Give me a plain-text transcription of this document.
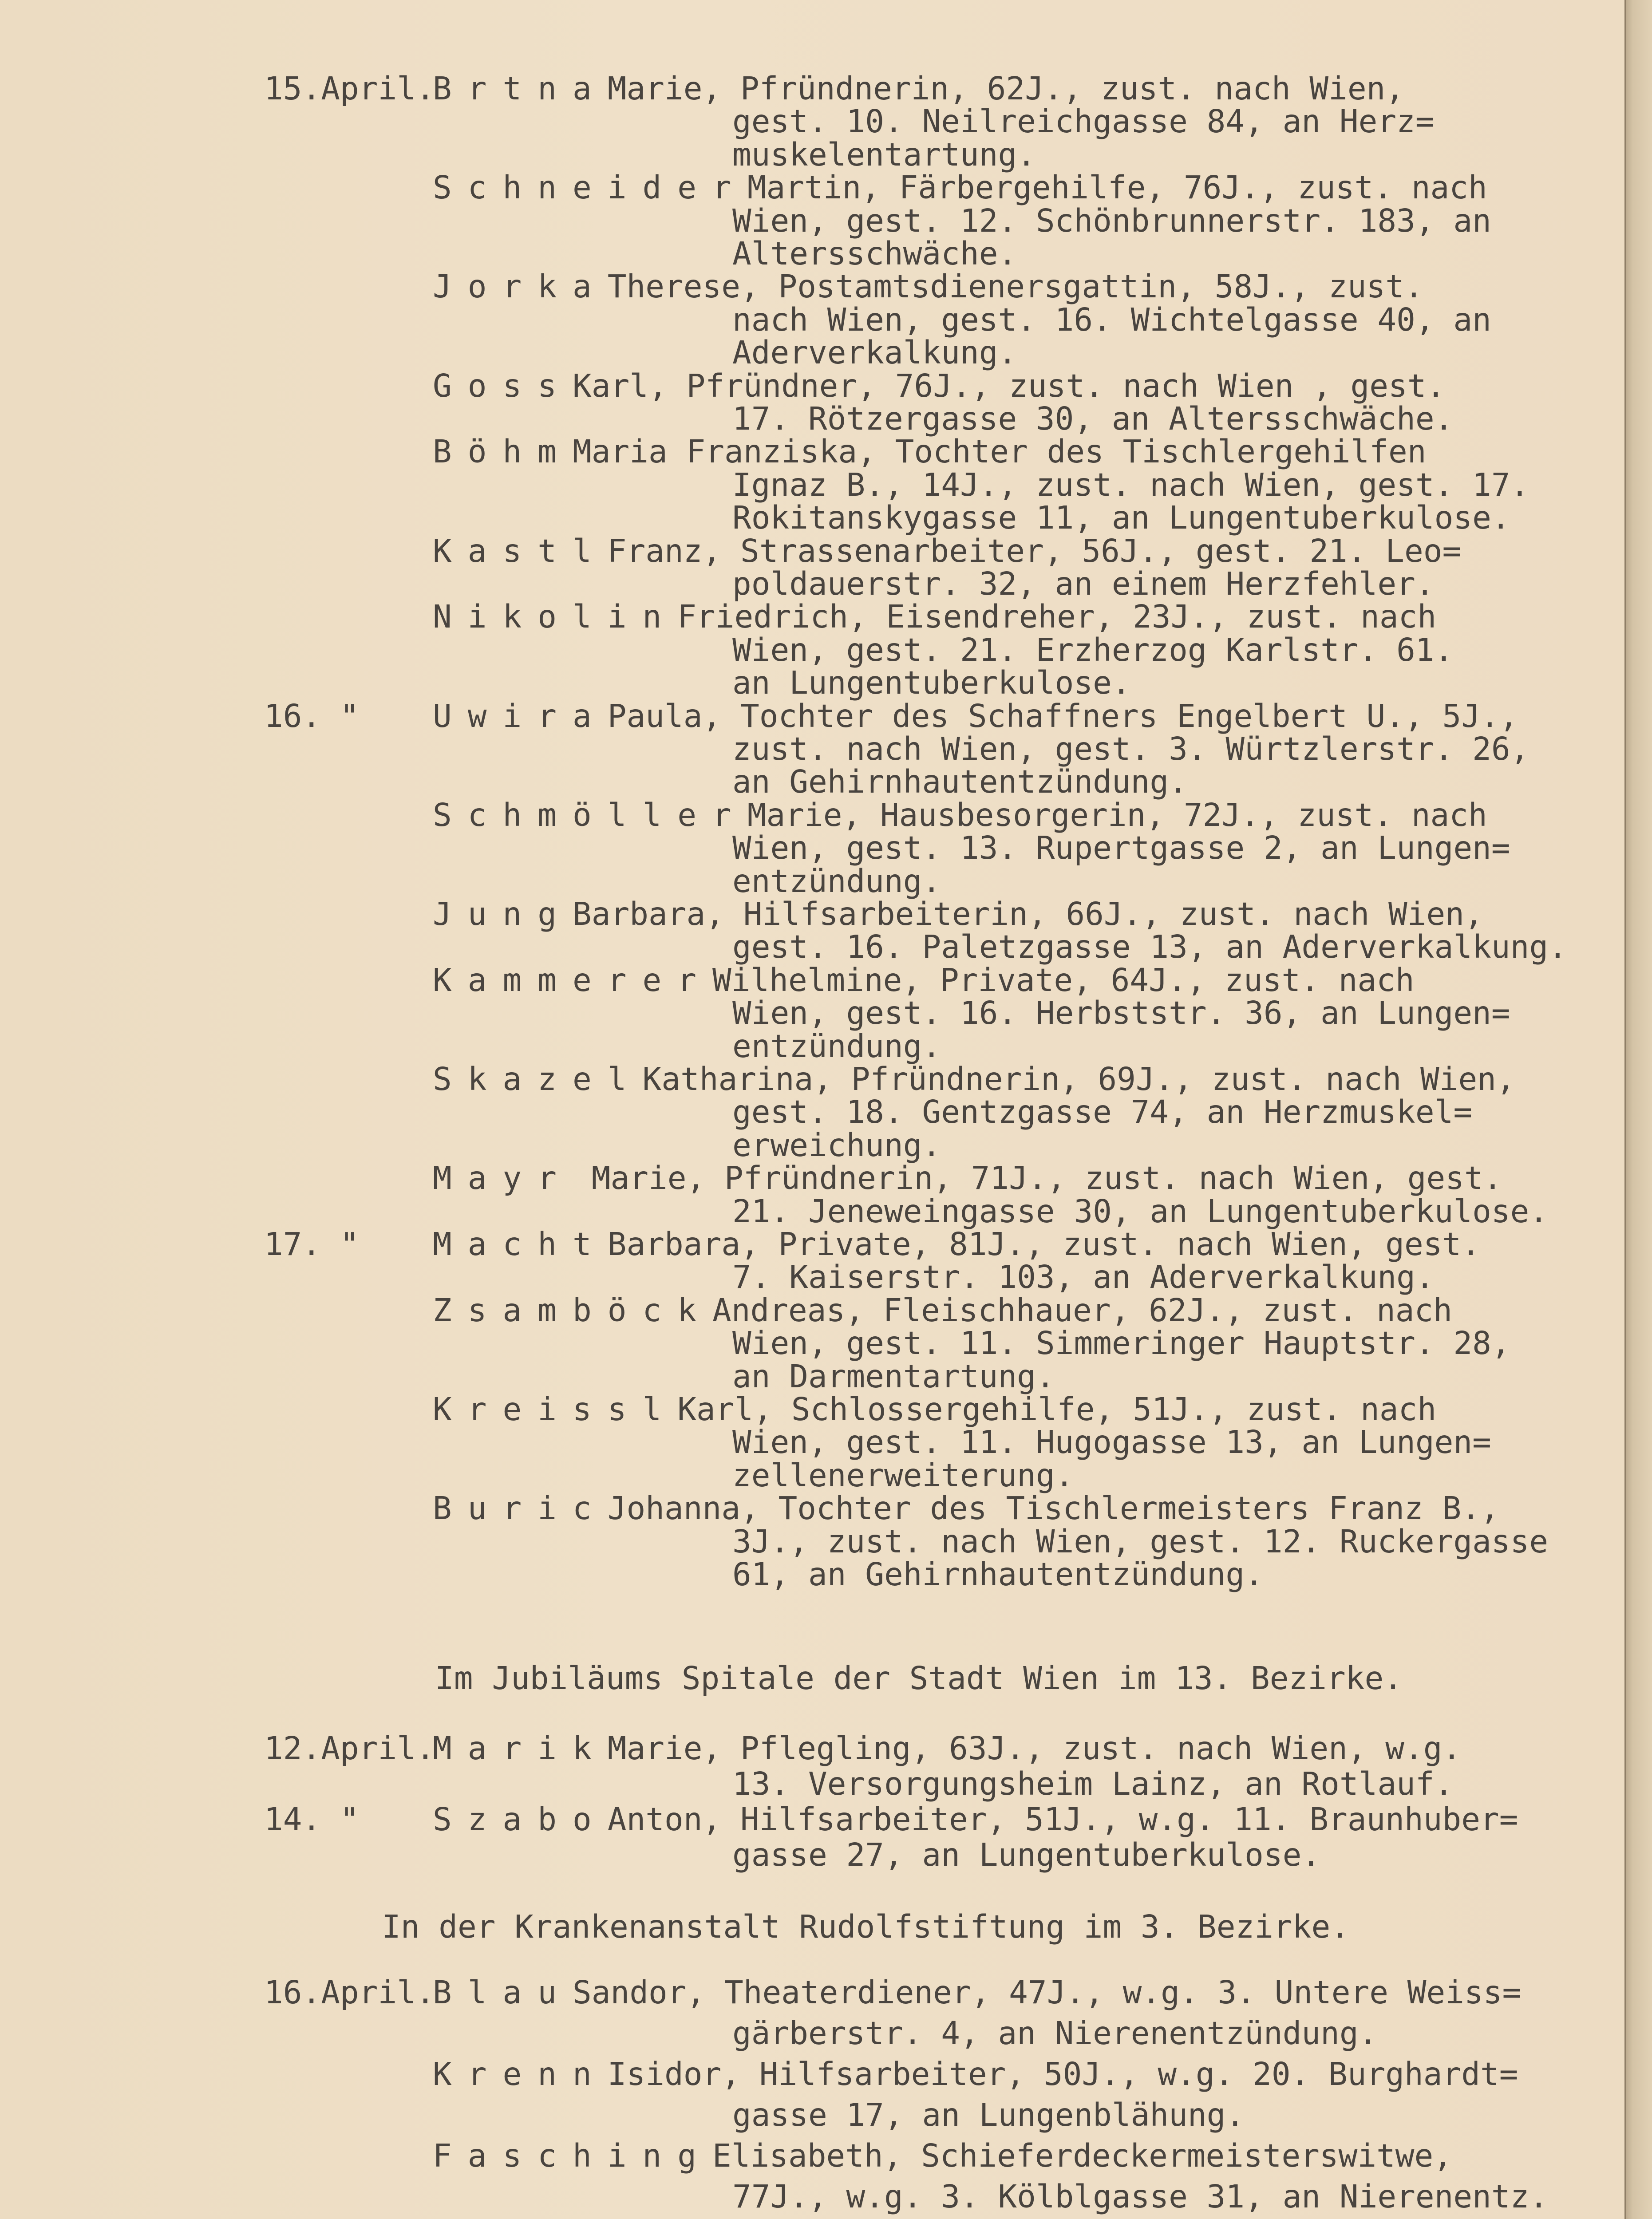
15.April.
BrtnaMarie, Pfründnerin, 62J., zust. nach Wien,
gest. 10. Neilreichgasse 84, an Herz=
muskelentartung.
SchneiderMartin, Färbergehilfe, 76J., zust. nach
Wien, gest. 12. Schönbrunnerstr. 183, an
Altersschwäche.
JorkaTherese, Postamtsdienersgattin, 58J., zust.
nach Wien, gest. 16. Wichtelgasse 40, an
Aderverkalkung.
GossKarl, Pfründner, 76J., zust. nach Wien , gest.
17. Rötzergasse 30, an Altersschwäche.
BöhmMaria Franziska, Tochter des Tischlergehilfen
Ignaz B., 14J., zust. nach Wien, gest. 17.
Rokitanskygasse 11, an Lungentuberkulose.
KastlFranz, Strassenarbeiter, 56J., gest. 21. Leo=
poldauerstr. 32, an einem Herzfehler.
NikolinFriedrich, Eisendreher, 23J., zust. nach
Wien, gest. 21. Erzherzog Karlstr. 61.
an Lungentuberkulose.
16. " UwiraPaula, Tochter des Schaffners Engelbert U., 5J.,
zust. nach Wien, gest. 3. Würtzlerstr. 26,
an Gehirnhautentzündung.
SchmöllerMarie, Hausbesorgerin, 72J., zust. nach
Wien, gest. 13. Rupertgasse 2, an Lungen=
entzündung.
JungBarbara, Hilfsarbeiterin, 66J., zust. nach Wien,
gest. 16. Paletzgasse 13, an Aderverkalkung.
KammererWilhelmine, Private, 64J., zust. nach
Wien, gest. 16. Herbststr. 36, an Lungen=
entzündung.
SkazelKatharina, Pfründnerin, 69J., zust. nach Wien,
gest. 18. Gentzgasse 74, an Herzmuskel=
erweichung.
Mayr Marie, Pfründnerin, 71J., zust. nach Wien, gest.
21. Jeneweingasse 30, an Lungentuberkulose.
17. " MachtBarbara, Private, 81J., zust. nach Wien, gest.
7. Kaiserstr. 103, an Aderverkalkung.
ZsamböckAndreas, Fleischhauer, 62J., zust. nach
Wien, gest. 11. Simmeringer Hauptstr. 28,
an Darmentartung.
KreisslKarl, Schlossergehilfe, 51J., zust. nach
Wien, gest. 11. Hugogasse 13, an Lungen=
zellenerweiterung.
BuricJohanna, Tochter des Tischlermeisters Franz B.,
3J., zust. nach Wien, gest. 12. Ruckergasse
61, an Gehirnhautentzündung.
12.April.
MarikMarie, Pflegling, 63J., zust. nach Wien, w.g.
13. Versorgungsheim Lainz, an Rotlauf.
14. " SzaboAnton, Hilfsarbeiter, 51J., w.g. 11. Braunhuber=
gasse 27, an Lungentuberkulose.
16.April.
BlauSandor, Theaterdiener, 47J., w.g. 3. Untere Weiss=
gärberstr. 4, an Nierenentzündung.
KrennIsidor, Hilfsarbeiter, 50J., w.g. 20. Burghardt=
gasse 17, an Lungenblähung.
FaschingElisabeth, Schieferdeckermeisterswitwe,
77J., w.g. 3. Kölblgasse 31, an Nierenentz.
Im Jubiläums Spitale der Stadt Wien im 13. Bezirke.
In der Krankenanstalt Rudolfstiftung im 3. Bezirke.
